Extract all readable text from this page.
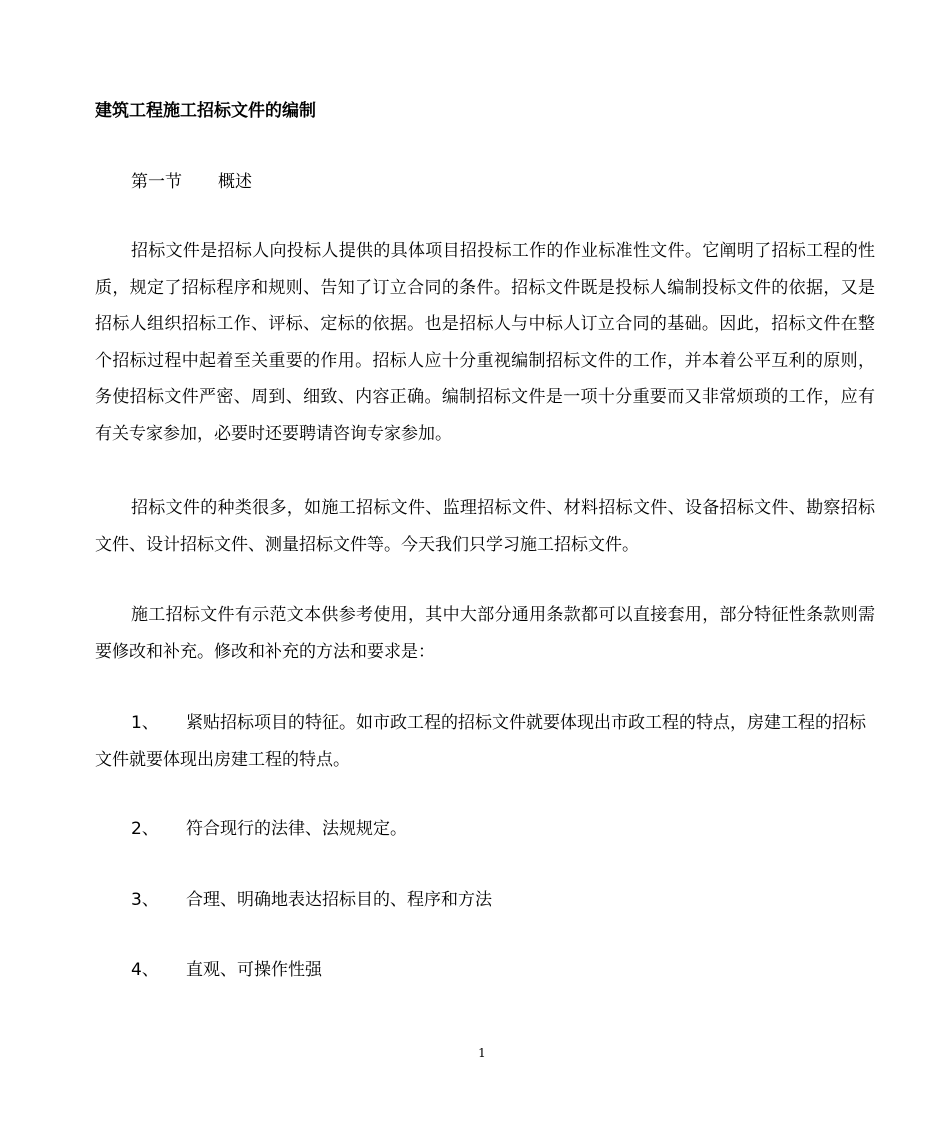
建筑工程施工招标文件的编制
第一节 概述

招标文件是招标人向投标人提供的具体项目招投标工作的作业标准性文件。它阐明了招标工程的性质，规定了招标程序和规则、告知了订立合同的条件。招标文件既是投标人编制投标文件的依据，又是招标人组织招标工作、评标、定标的依据。也是招标人与中标人订立合同的基础。因此，招标文件在整个招标过程中起着至关重要的作用。招标人应十分重视编制招标文件的工作，并本着公平互利的原则，务使招标文件严密、周到、细致、内容正确。编制招标文件是一项十分重要而又非常烦琐的工作，应有有关专家参加，必要时还要聘请咨询专家参加。

招标文件的种类很多，如施工招标文件、监理招标文件、材料招标文件、设备招标文件、勘察招标文件、设计招标文件、测量招标文件等。今天我们只学习施工招标文件。

施工招标文件有示范文本供参考使用，其中大部分通用条款都可以直接套用，部分特征性条款则需要修改和补充。修改和补充的方法和要求是：

1、 紧贴招标项目的特征。如市政工程的招标文件就要体现出市政工程的特点，房建工程的招标文件就要体现出房建工程的特点。
2、 符合现行的法律、法规规定。
3、 合理、明确地表达招标目的、程序和方法
4、 直观、可操作性强
1
